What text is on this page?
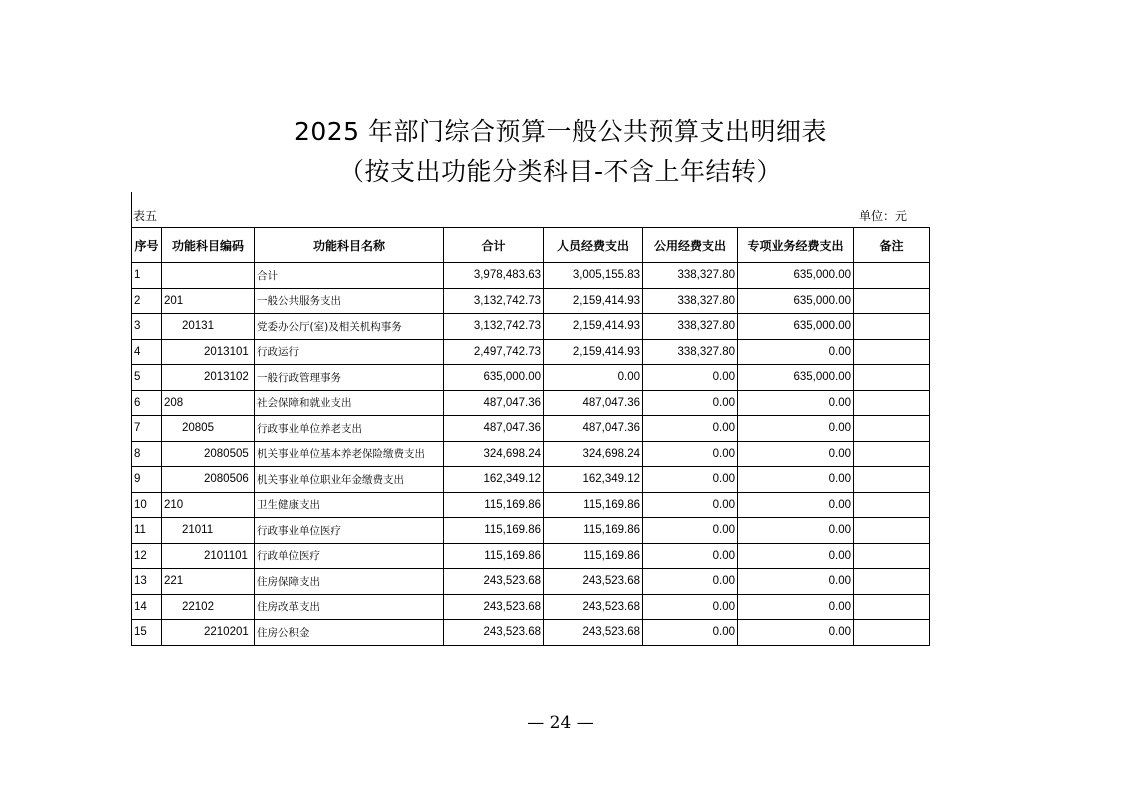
2025 年部门综合预算一般公共预算支出明细表
（按支出功能分类科目-不含上年结转）
表五	单位：元
序号	功能科目编码	功能科目名称	合计	人员经费支出	公用经费支出	专项业务经费支出	备注
1		合计	3,978,483.63	3,005,155.83	338,327.80	635,000.00	
2	201	一般公共服务支出	3,132,742.73	2,159,414.93	338,327.80	635,000.00	
3	20131	党委办公厅(室)及相关机构事务	3,132,742.73	2,159,414.93	338,327.80	635,000.00	
4	2013101	行政运行	2,497,742.73	2,159,414.93	338,327.80	0.00	
5	2013102	一般行政管理事务	635,000.00	0.00	0.00	635,000.00	
6	208	社会保障和就业支出	487,047.36	487,047.36	0.00	0.00	
7	20805	行政事业单位养老支出	487,047.36	487,047.36	0.00	0.00	
8	2080505	机关事业单位基本养老保险缴费支出	324,698.24	324,698.24	0.00	0.00	
9	2080506	机关事业单位职业年金缴费支出	162,349.12	162,349.12	0.00	0.00	
10	210	卫生健康支出	115,169.86	115,169.86	0.00	0.00	
11	21011	行政事业单位医疗	115,169.86	115,169.86	0.00	0.00	
12	2101101	行政单位医疗	115,169.86	115,169.86	0.00	0.00	
13	221	住房保障支出	243,523.68	243,523.68	0.00	0.00	
14	22102	住房改革支出	243,523.68	243,523.68	0.00	0.00	
15	2210201	住房公积金	243,523.68	243,523.68	0.00	0.00	
— 24 —
